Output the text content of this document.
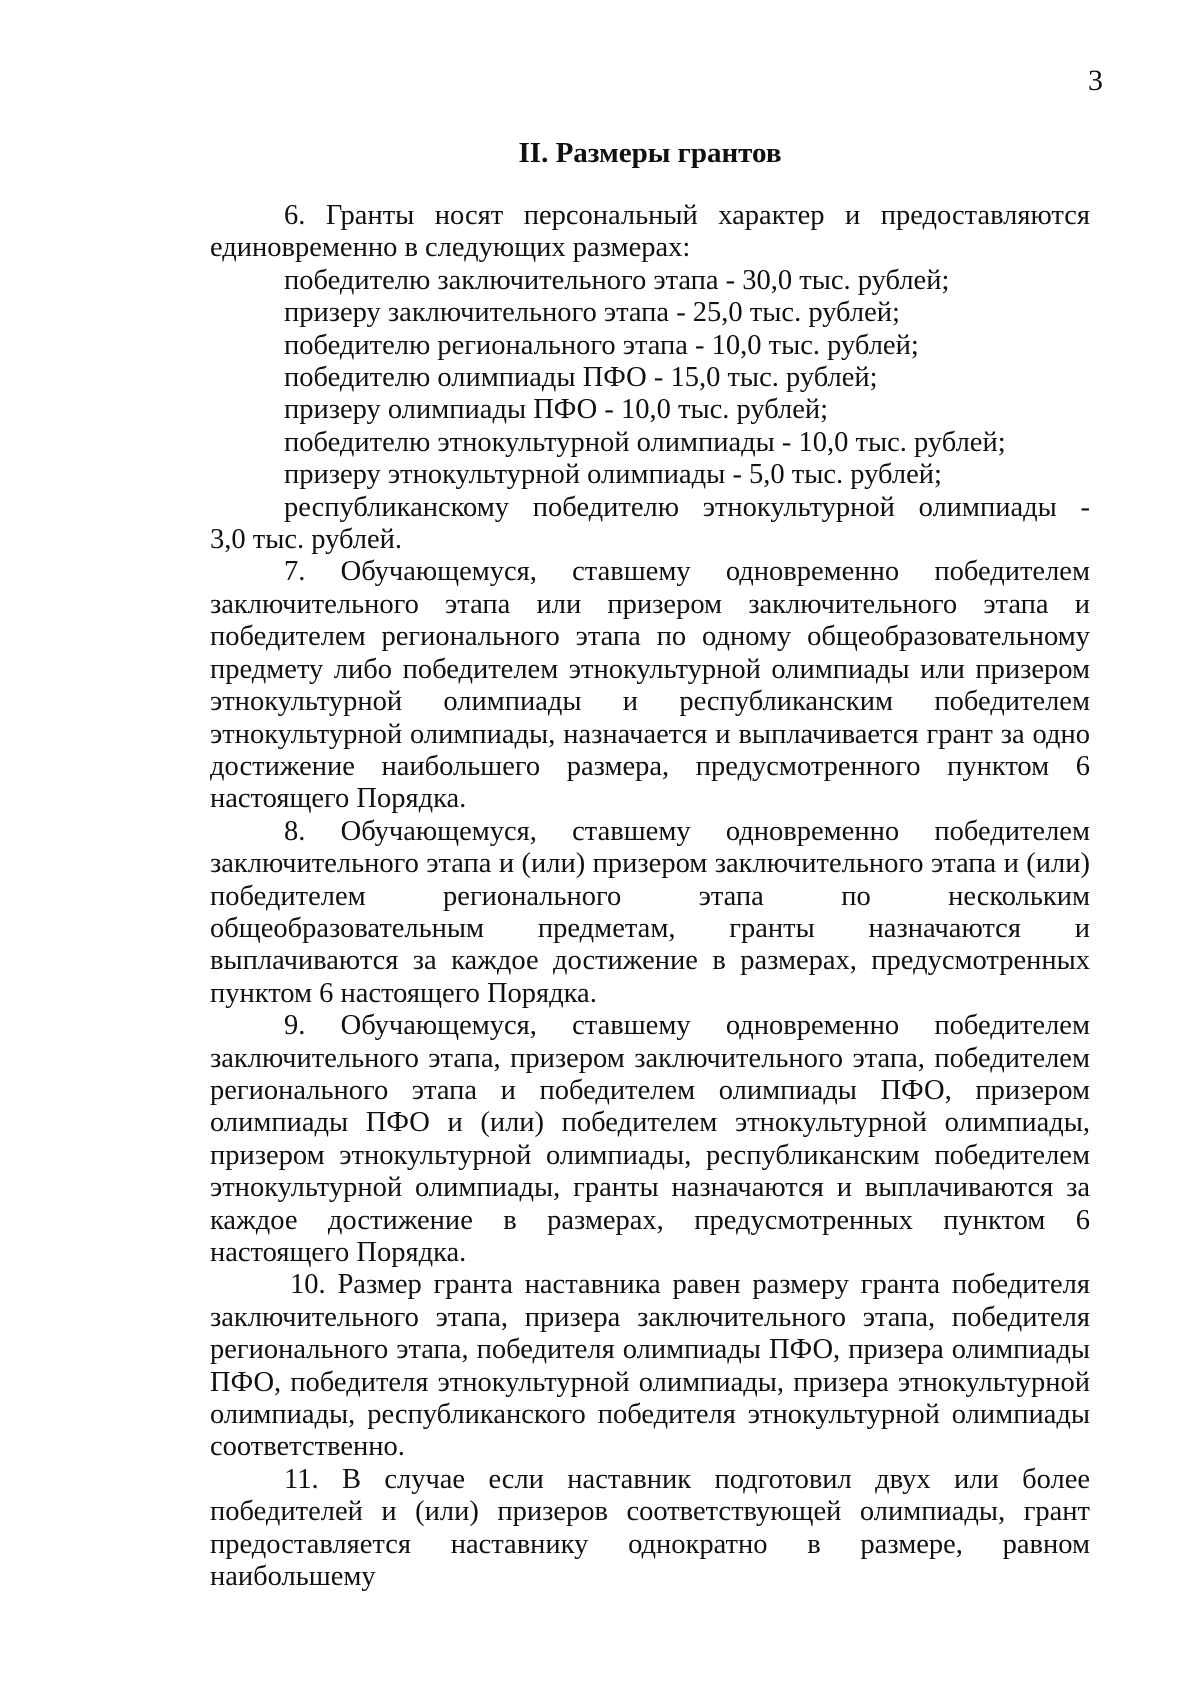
3
II. Размеры грантов

6. Гранты носят персональный характер и предоставляются единовременно в следующих размерах:

победителю заключительного этапа - 30,0 тыс. рублей;
призеру заключительного этапа - 25,0 тыс. рублей;
победителю регионального этапа - 10,0 тыс. рублей;
победителю олимпиады ПФО - 15,0 тыс. рублей;
призеру олимпиады ПФО - 10,0 тыс. рублей;
победителю этнокультурной олимпиады - 10,0 тыс. рублей;
призеру этнокультурной олимпиады - 5,0 тыс. рублей;
республиканскому победителю этнокультурной олимпиады -
3,0 тыс. рублей.

7. Обучающемуся, ставшему одновременно победителем заключительного этапа или призером заключительного этапа и победителем регионального этапа по одному общеобразовательному предмету либо победителем этнокультурной олимпиады или призером этнокультурной олимпиады и республиканским победителем этнокультурной олимпиады, назначается и выплачивается грант за одно достижение наибольшего размера, предусмотренного пунктом 6 настоящего Порядка.

8. Обучающемуся, ставшему одновременно победителем заключительного этапа и (или) призером заключительного этапа и (или) победителем регионального этапа по нескольким общеобразовательным предметам, гранты назначаются и выплачиваются за каждое достижение в размерах, предусмотренных пунктом 6 настоящего Порядка.

9. Обучающемуся, ставшему одновременно победителем заключительного этапа, призером заключительного этапа, победителем регионального этапа и победителем олимпиады ПФО, призером олимпиады ПФО и (или) победителем этнокультурной олимпиады, призером этнокультурной олимпиады, республиканским победителем этнокультурной олимпиады, гранты назначаются и выплачиваются за каждое достижение в размерах, предусмотренных пунктом 6 настоящего Порядка.

10. Размер гранта наставника равен размеру гранта победителя заключительного этапа, призера заключительного этапа, победителя регионального этапа, победителя олимпиады ПФО, призера олимпиады ПФО, победителя этнокультурной олимпиады, призера этнокультурной олимпиады, республиканского победителя этнокультурной олимпиады соответственно.

11. В случае если наставник подготовил двух или более победителей и (или) призеров соответствующей олимпиады, грант предоставляется наставнику однократно в размере, равном наибольшему
